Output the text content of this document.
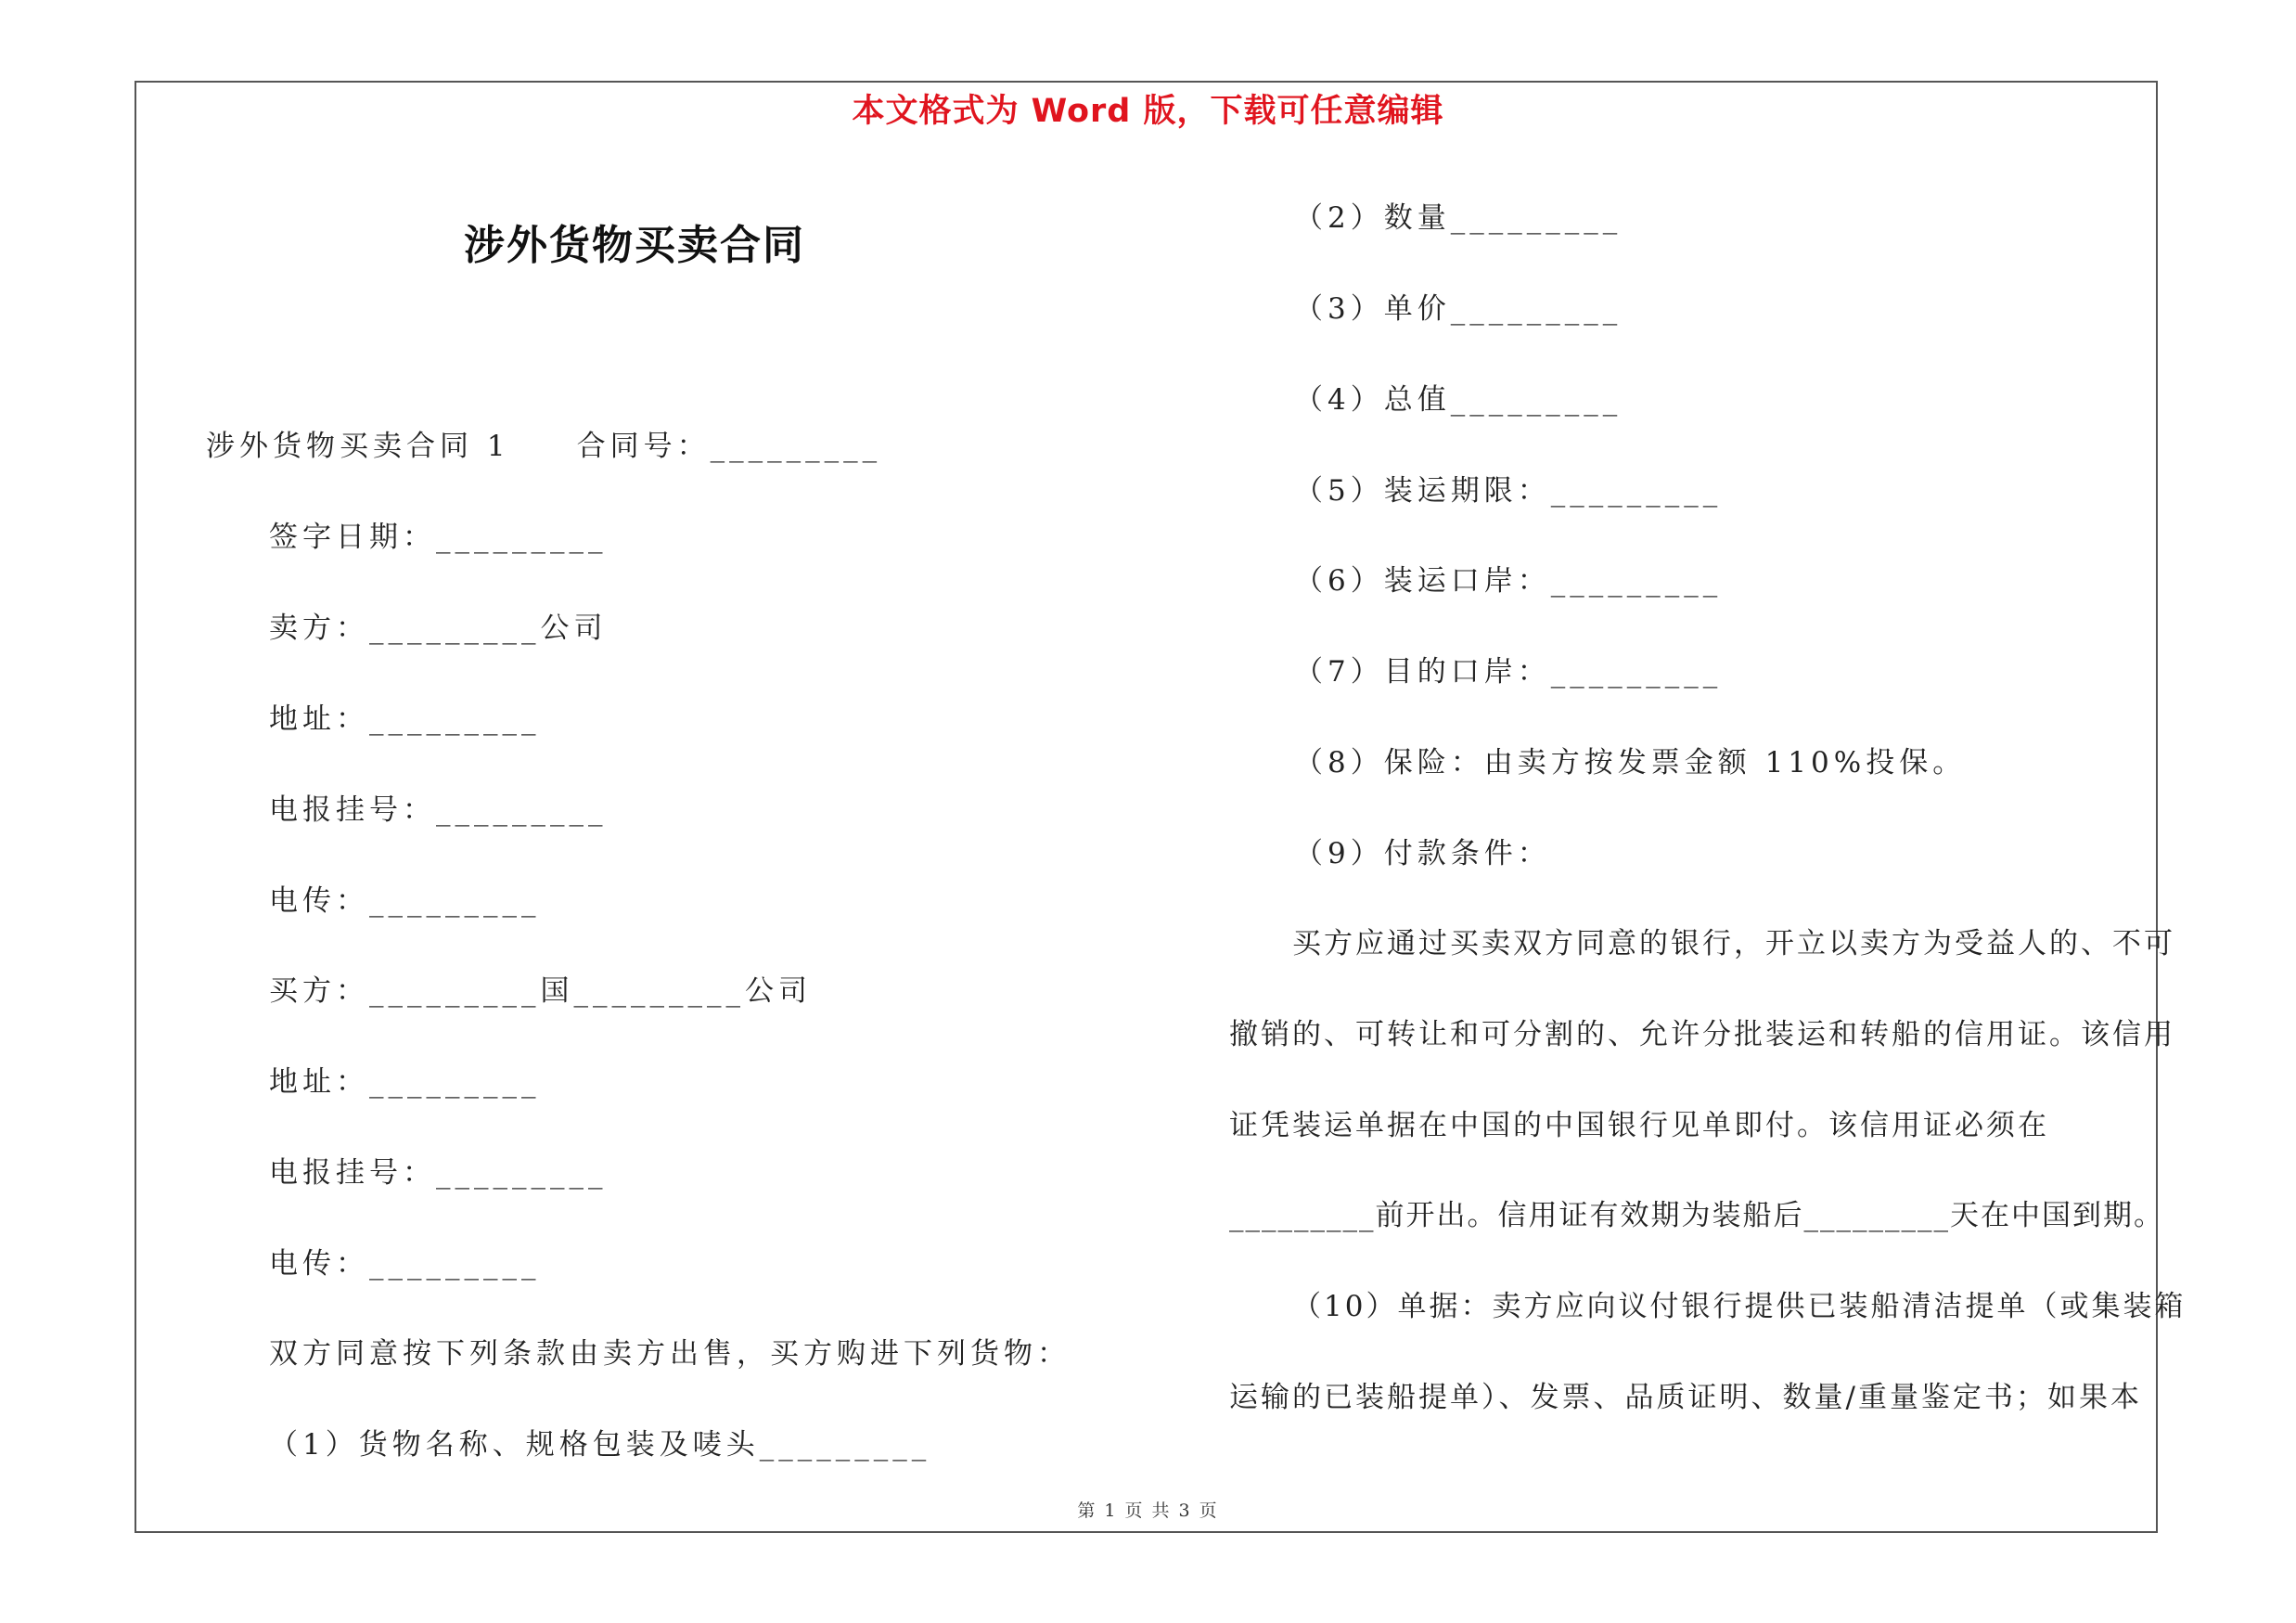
本文格式为 Word 版，下载可任意编辑
涉外货物买卖合同
涉外货物买卖合同 1　　合同号：_________
签字日期：_________
卖方：_________公司
地址：_________
电报挂号：_________
电传：_________
买方：_________国_________公司
地址：_________
电报挂号：_________
电传：_________
双方同意按下列条款由卖方出售，买方购进下列货物：
（1）货物名称、规格包装及唛头_________
（2）数量_________
（3）单价_________
（4）总值_________
（5）装运期限：_________
（6）装运口岸：_________
（7）目的口岸：_________
（8）保险：由卖方按发票金额 110%投保。
（9）付款条件：
买方应通过买卖双方同意的银行，开立以卖方为受益人的、不可
撤销的、可转让和可分割的、允许分批装运和转船的信用证。该信用
证凭装运单据在中国的中国银行见单即付。该信用证必须在
_________前开出。信用证有效期为装船后_________天在中国到期。
（10）单据：卖方应向议付银行提供已装船清洁提单（或集装箱
运输的已装船提单）、发票、品质证明、数量/重量鉴定书；如果本
第 1 页 共 3 页
